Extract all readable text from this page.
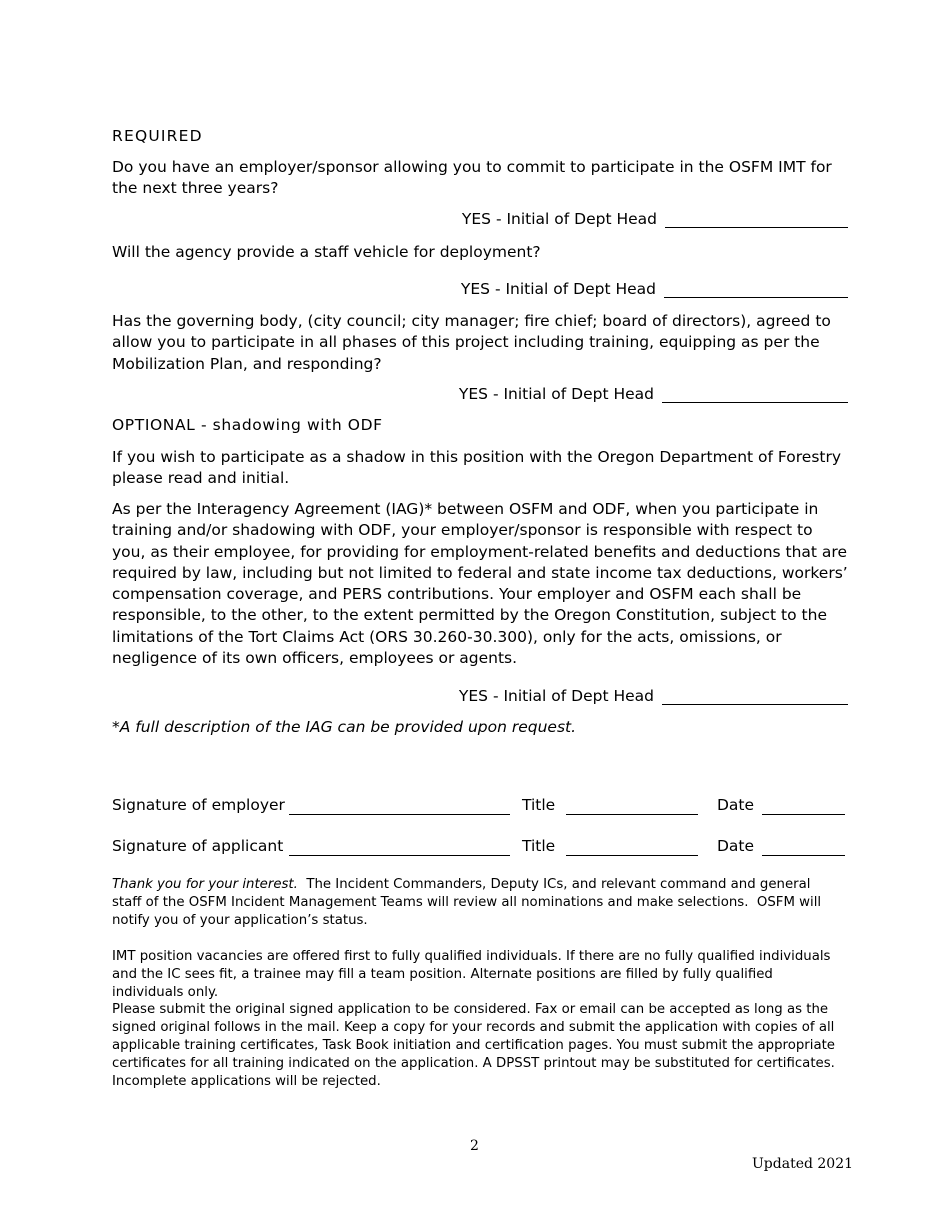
REQUIRED
Do you have an employer/sponsor allowing you to commit to participate in the OSFM IMT for the next three years?
YES - Initial of Dept Head
Will the agency provide a staff vehicle for deployment?
YES - Initial of Dept Head
Has the governing body, (city council; city manager; fire chief; board of directors), agreed to allow you to participate in all phases of this project including training, equipping as per the Mobilization Plan, and responding?
YES - Initial of Dept Head
OPTIONAL - shadowing with ODF
If you wish to participate as a shadow in this position with the Oregon Department of Forestry please read and initial.
As per the Interagency Agreement (IAG)* between OSFM and ODF, when you participate in training and/or shadowing with ODF, your employer/sponsor is responsible with respect to you, as their employee, for providing for employment-related benefits and deductions that are required by law, including but not limited to federal and state income tax deductions, workers’ compensation coverage, and PERS contributions. Your employer and OSFM each shall be responsible, to the other, to the extent permitted by the Oregon Constitution, subject to the limitations of the Tort Claims Act (ORS 30.260-30.300), only for the acts, omissions, or negligence of its own officers, employees or agents.
YES - Initial of Dept Head
*A full description of the IAG can be provided upon request.
Signature of employer	Title	Date
Signature of applicant	Title	Date
Thank you for your interest.  The Incident Commanders, Deputy ICs, and relevant command and general staff of the OSFM Incident Management Teams will review all nominations and make selections.  OSFM will notify you of your application’s status.
IMT position vacancies are offered first to fully qualified individuals. If there are no fully qualified individuals and the IC sees fit, a trainee may fill a team position. Alternate positions are filled by fully qualified individuals only.
Please submit the original signed application to be considered. Fax or email can be accepted as long as the signed original follows in the mail. Keep a copy for your records and submit the application with copies of all applicable training certificates, Task Book initiation and certification pages. You must submit the appropriate certificates for all training indicated on the application. A DPSST printout may be substituted for certificates. Incomplete applications will be rejected.
2
Updated 2021
